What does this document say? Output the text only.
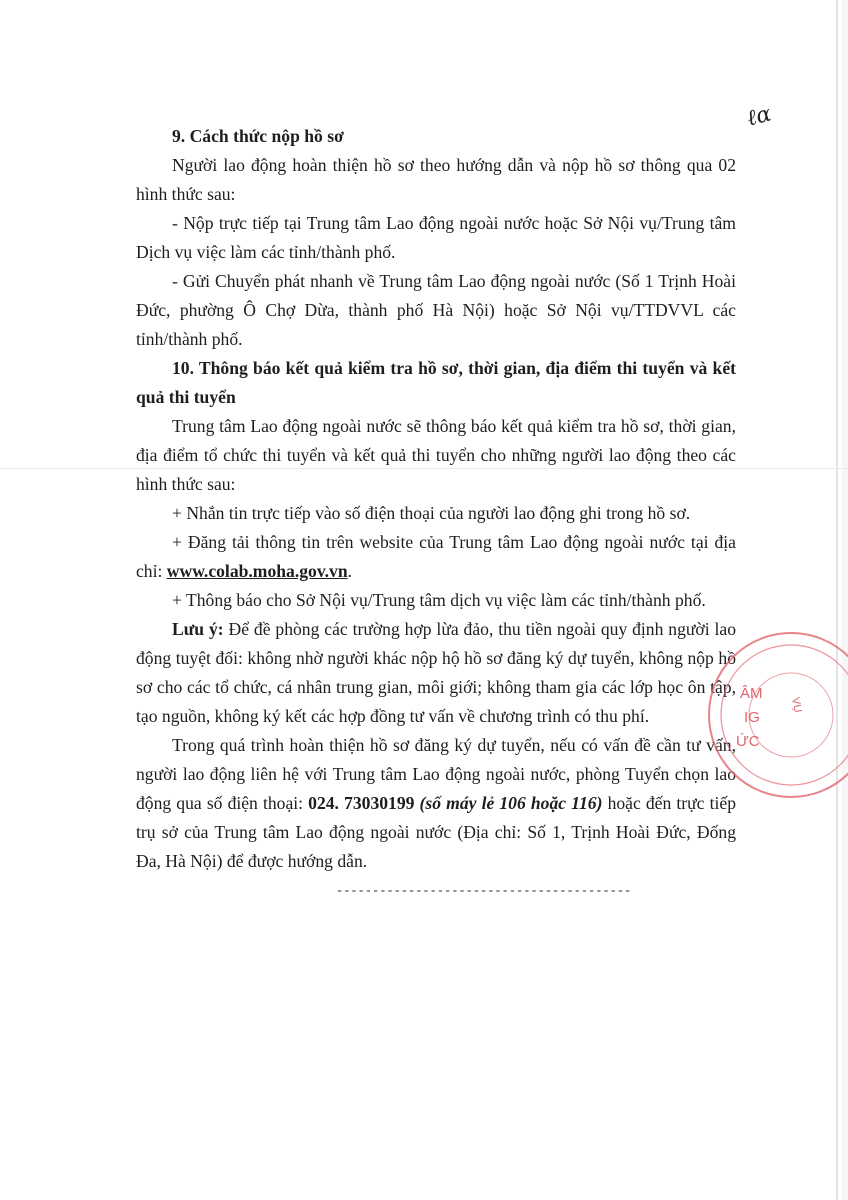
ℓɑ

9. Cách thức nộp hồ sơ

Người lao động hoàn thiện hồ sơ theo hướng dẫn và nộp hồ sơ thông qua 02 hình thức sau:

- Nộp trực tiếp tại Trung tâm Lao động ngoài nước hoặc Sở Nội vụ/Trung tâm Dịch vụ việc làm các tỉnh/thành phố.

- Gửi Chuyển phát nhanh về Trung tâm Lao động ngoài nước (Số 1 Trịnh Hoài Đức, phường Ô Chợ Dừa, thành phố Hà Nội) hoặc Sở Nội vụ/TTDVVL các tỉnh/thành phố.

10. Thông báo kết quả kiểm tra hồ sơ, thời gian, địa điểm thi tuyển và kết quả thi tuyển

Trung tâm Lao động ngoài nước sẽ thông báo kết quả kiểm tra hồ sơ, thời gian, địa điểm tổ chức thi tuyển và kết quả thi tuyển cho những người lao động theo các hình thức sau:

+ Nhắn tin trực tiếp vào số điện thoại của người lao động ghi trong hồ sơ.

+ Đăng tải thông tin trên website của Trung tâm Lao động ngoài nước tại địa chỉ: www.colab.moha.gov.vn.

+ Thông báo cho Sở Nội vụ/Trung tâm dịch vụ việc làm các tỉnh/thành phố.

Lưu ý: Để đề phòng các trường hợp lừa đảo, thu tiền ngoài quy định người lao động tuyệt đối: không nhờ người khác nộp hộ hồ sơ đăng ký dự tuyển, không nộp hồ sơ cho các tổ chức, cá nhân trung gian, môi giới; không tham gia các lớp học ôn tập, tạo nguồn, không ký kết các hợp đồng tư vấn về chương trình có thu phí.

Trong quá trình hoàn thiện hồ sơ đăng ký dự tuyển, nếu có vấn đề cần tư vấn, người lao động liên hệ với Trung tâm Lao động ngoài nước, phòng Tuyển chọn lao động qua số điện thoại: 024. 73030199 (số máy lẻ 106 hoặc 116) hoặc đến trực tiếp trụ sở của Trung tâm Lao động ngoài nước (Địa chỉ: Số 1, Trịnh Hoài Đức, Đống Đa, Hà Nội) để được hướng dẫn.

-----------------------------------------
ÂM
IG
ỨC
VỤ
